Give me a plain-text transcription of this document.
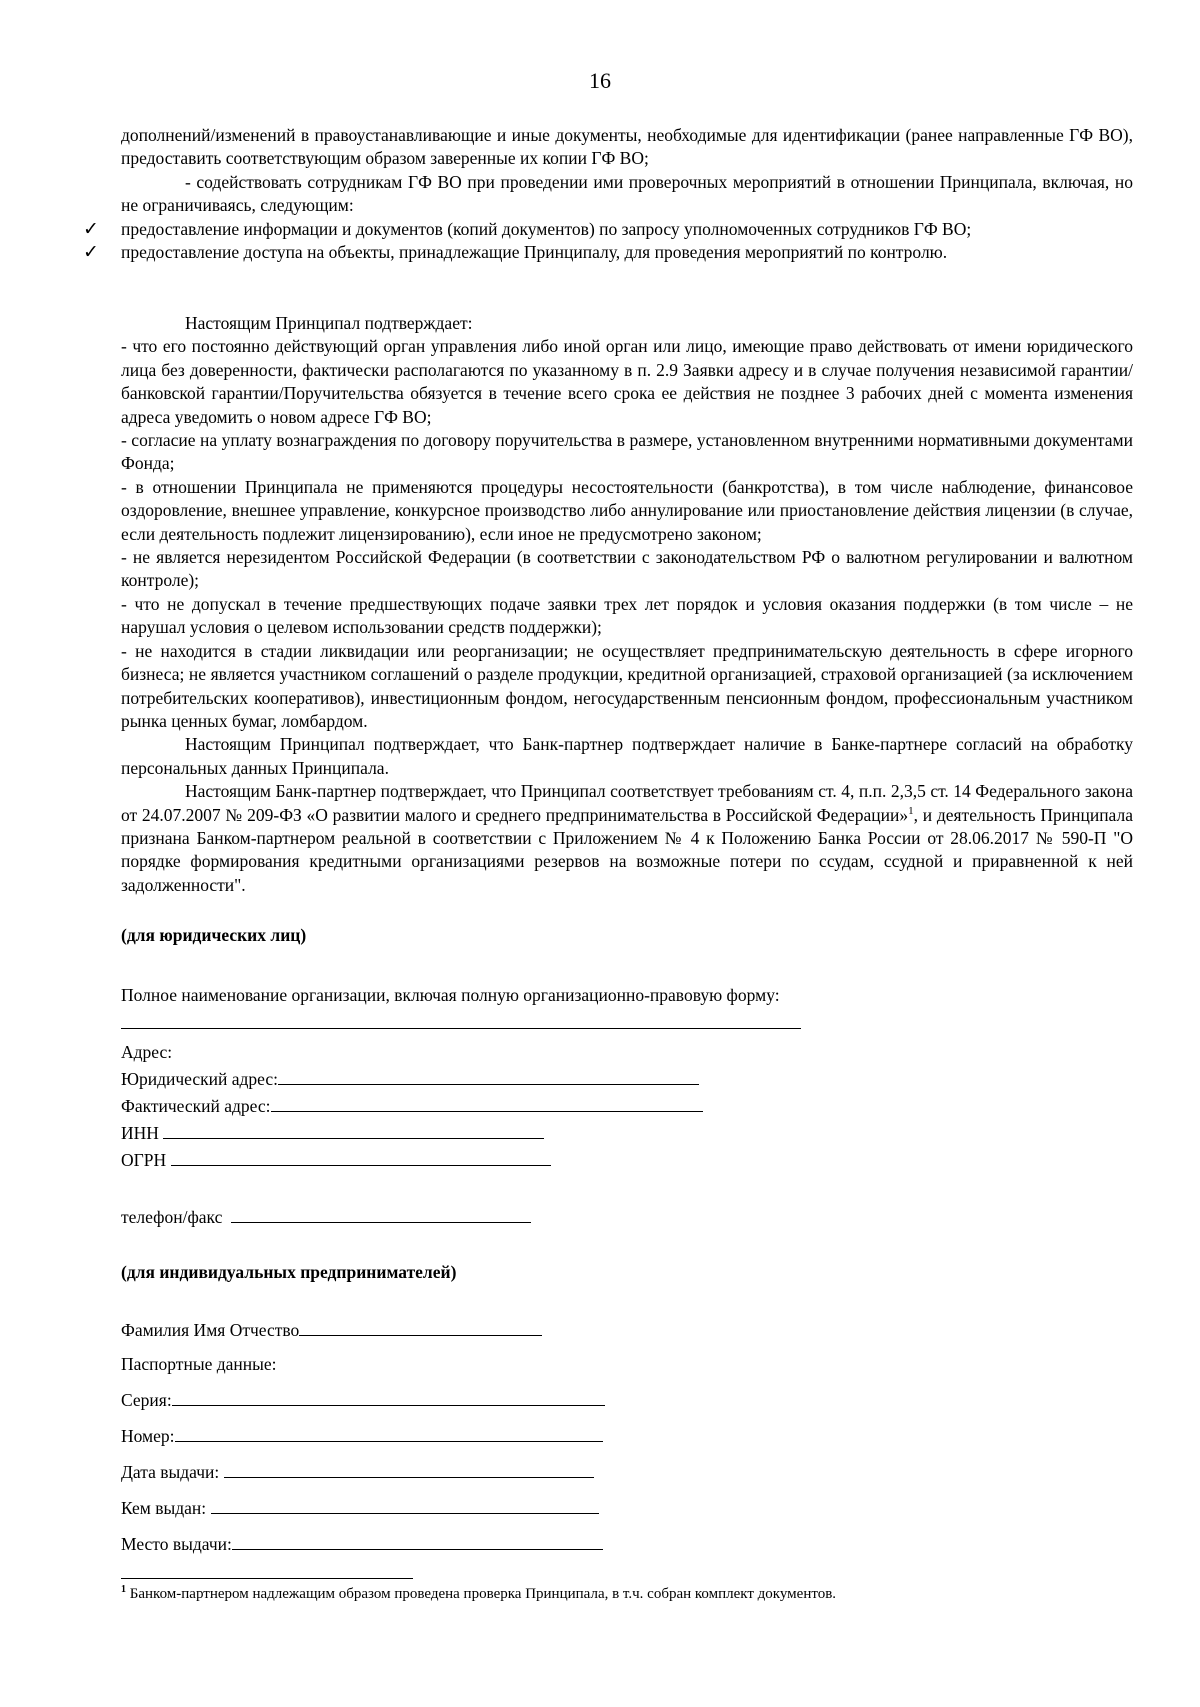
16

дополнений/изменений в правоустанавливающие и иные документы, необходимые для идентификации (ранее направленные ГФ ВО), предоставить соответствующим образом заверенные их копии ГФ ВО;

- содействовать сотрудникам ГФ ВО при проведении ими проверочных мероприятий в отношении Принципала, включая, но не ограничиваясь, следующим:

✓ предоставление информации и документов (копий документов) по запросу уполномоченных сотрудников ГФ ВО;

✓ предоставление доступа на объекты, принадлежащие Принципалу, для проведения мероприятий по контролю.

Настоящим Принципал подтверждает:

- что его постоянно действующий орган управления либо иной орган или лицо, имеющие право действовать от имени юридического лица без доверенности, фактически располагаются по указанному в п. 2.9 Заявки адресу и в случае получения независимой гарантии/банковской гарантии/Поручительства обязуется в течение всего срока ее действия не позднее 3 рабочих дней с момента изменения адреса уведомить о новом адресе ГФ ВО;

- согласие на уплату вознаграждения по договору поручительства в размере, установленном внутренними нормативными документами Фонда;

- в отношении Принципала не применяются процедуры несостоятельности (банкротства), в том числе наблюдение, финансовое оздоровление, внешнее управление, конкурсное производство либо аннулирование или приостановление действия лицензии (в случае, если деятельность подлежит лицензированию), если иное не предусмотрено законом;

- не является нерезидентом Российской Федерации (в соответствии с законодательством РФ о валютном регулировании и валютном контроле);

- что не допускал в течение предшествующих подаче заявки трех лет порядок и условия оказания поддержки (в том числе – не нарушал условия о целевом использовании средств поддержки);

- не находится в стадии ликвидации или реорганизации; не осуществляет предпринимательскую деятельность в сфере игорного бизнеса; не является участником соглашений о разделе продукции, кредитной организацией, страховой организацией (за исключением потребительских кооперативов), инвестиционным фондом, негосударственным пенсионным фондом, профессиональным участником рынка ценных бумаг, ломбардом.

Настоящим Принципал подтверждает, что Банк-партнер подтверждает наличие в Банке-партнере согласий на обработку персональных данных Принципала.

Настоящим Банк-партнер подтверждает, что Принципал соответствует требованиям ст. 4, п.п. 2,3,5 ст. 14 Федерального закона от 24.07.2007 № 209-ФЗ «О развитии малого и среднего предпринимательства в Российской Федерации»$^1$, и деятельность Принципала признана Банком-партнером реальной в соответствии с Приложением № 4 к Положению Банка России от 28.06.2017 № 590-П "О порядке формирования кредитными организациями резервов на возможные потери по ссудам, ссудной и приравненной к ней задолженности".

(для юридических лиц)
Полное наименование организации, включая полную организационно-правовую форму:
Адрес:
Юридический адрес:
Фактический адрес:
ИНН
ОГРН
телефон/факс
(для индивидуальных предпринимателей)
Фамилия Имя Отчество
Паспортные данные:
Серия:
Номер:
Дата выдачи:
Кем выдан:
Место выдачи:
$^1$ Банком-партнером надлежащим образом проведена проверка Принципала, в т.ч. собран комплект документов.
